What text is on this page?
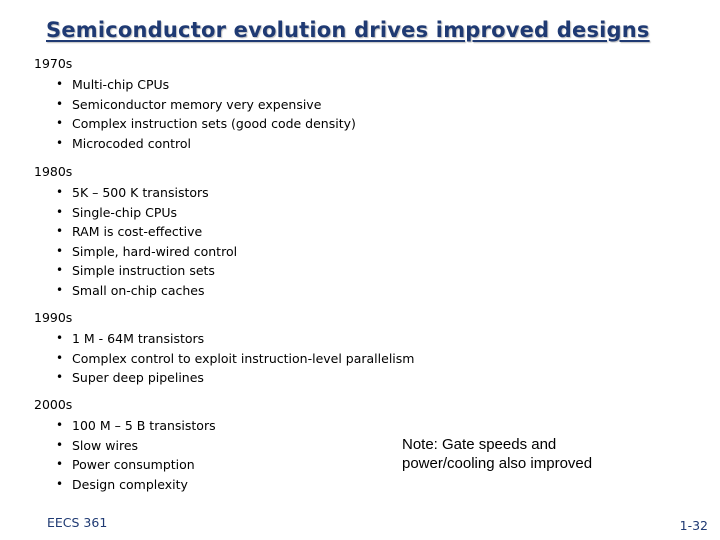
Semiconductor evolution drives improved designs
1970s
• Multi-chip CPUs
• Semiconductor memory very expensive
• Complex instruction sets (good code density)
• Microcoded control
1980s
• 5K – 500 K transistors
• Single-chip CPUs
• RAM is cost-effective
• Simple, hard-wired control
• Simple instruction sets
• Small on-chip caches
1990s
• 1 M - 64M transistors
• Complex control to exploit instruction-level parallelism
• Super deep pipelines
2000s
• 100 M – 5 B transistors
• Slow wires
• Power consumption
• Design complexity
Note: Gate speeds and
power/cooling also improved
EECS 361	1-32
